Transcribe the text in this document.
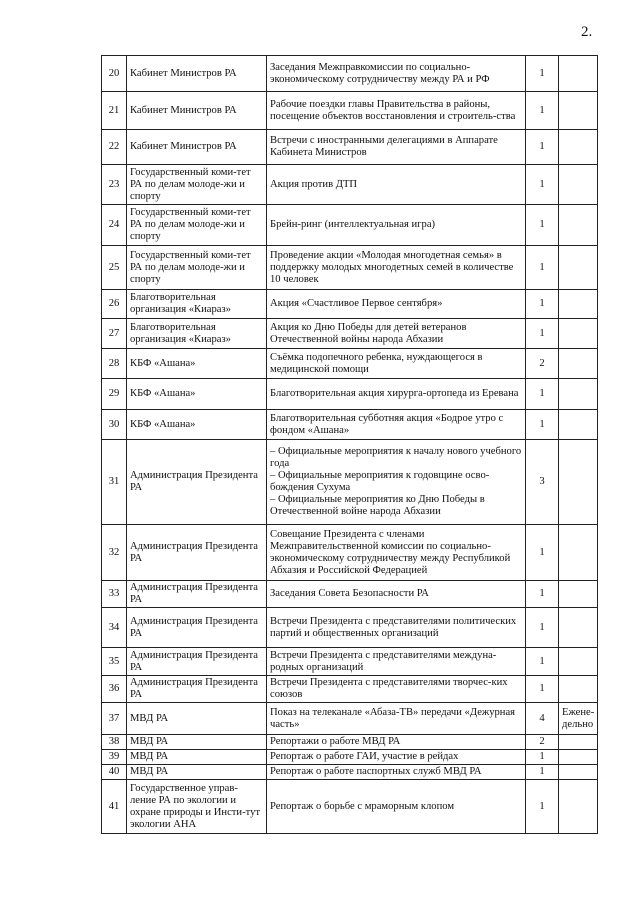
2.
20	Кабинет Министров РА	Заседания Межправкомиссии по социально-экономическому сотрудничеству между РА и РФ	1	
21	Кабинет Министров РА	Рабочие поездки главы Правительства в районы, посещение объектов восстановления и строитель-ства	1	
22	Кабинет Министров РА	Встречи с иностранными делегациями в Аппарате Кабинета Министров	1	
23	Государственный коми-тет РА по делам молоде-жи и спорту	Акция против ДТП	1	
24	Государственный коми-тет РА по делам молоде-жи и спорту	Брейн-ринг (интеллектуальная игра)	1	
25	Государственный коми-тет РА по делам молоде-жи и спорту	Проведение акции «Молодая многодетная семья» в поддержку молодых многодетных семей в количестве 10 человек	1	
26	Благотворительная организация «Киараз»	Акция «Счастливое Первое сентября»	1	
27	Благотворительная организация «Киараз»	Акция ко Дню Победы для детей ветеранов Отечественной войны народа Абхазии	1	
28	КБФ «Ашана»	Съёмка подопечного ребенка, нуждающегося в медицинской помощи	2	
29	КБФ «Ашана»	Благотворительная акция хирурга-ортопеда из Еревана	1	
30	КБФ «Ашана»	Благотворительная субботняя акция «Бодрое утро с фондом «Ашана»	1	
31	Администрация Президента РА	– Официальные мероприятия к началу нового учебного года
– Официальные мероприятия к годовщине осво-бождения Сухума
– Официальные мероприятия ко Дню Победы в Отечественной войне народа Абхазии	3	
32	Администрация Президента РА	Совещание Президента с членами Межправительственной комиссии по социально-экономическому сотрудничеству между Республикой Абхазия и Российской Федерацией	1	
33	Администрация Президента РА	Заседания Совета Безопасности РА	1	
34	Администрация Президента РА	Встречи Президента с представителями политических партий и общественных организаций	1	
35	Администрация Президента РА	Встречи Президента с представителями междуна-родных организаций	1	
36	Администрация Президента РА	Встречи Президента с представителями творчес-ких союзов	1	
37	МВД РА	Показ на телеканале «Абаза-ТВ» передачи «Дежурная часть»	4	Ежене-дельно
38	МВД РА	Репортажи о работе МВД РА	2	
39	МВД РА	Репортаж о работе ГАИ, участие в рейдах	1	
40	МВД РА	Репортаж о работе паспортных служб МВД РА	1	
41	Государственное управ-ление РА по экологии и охране природы и Инсти-тут экологии АНА	Репортаж о борьбе с мраморным клопом	1	
